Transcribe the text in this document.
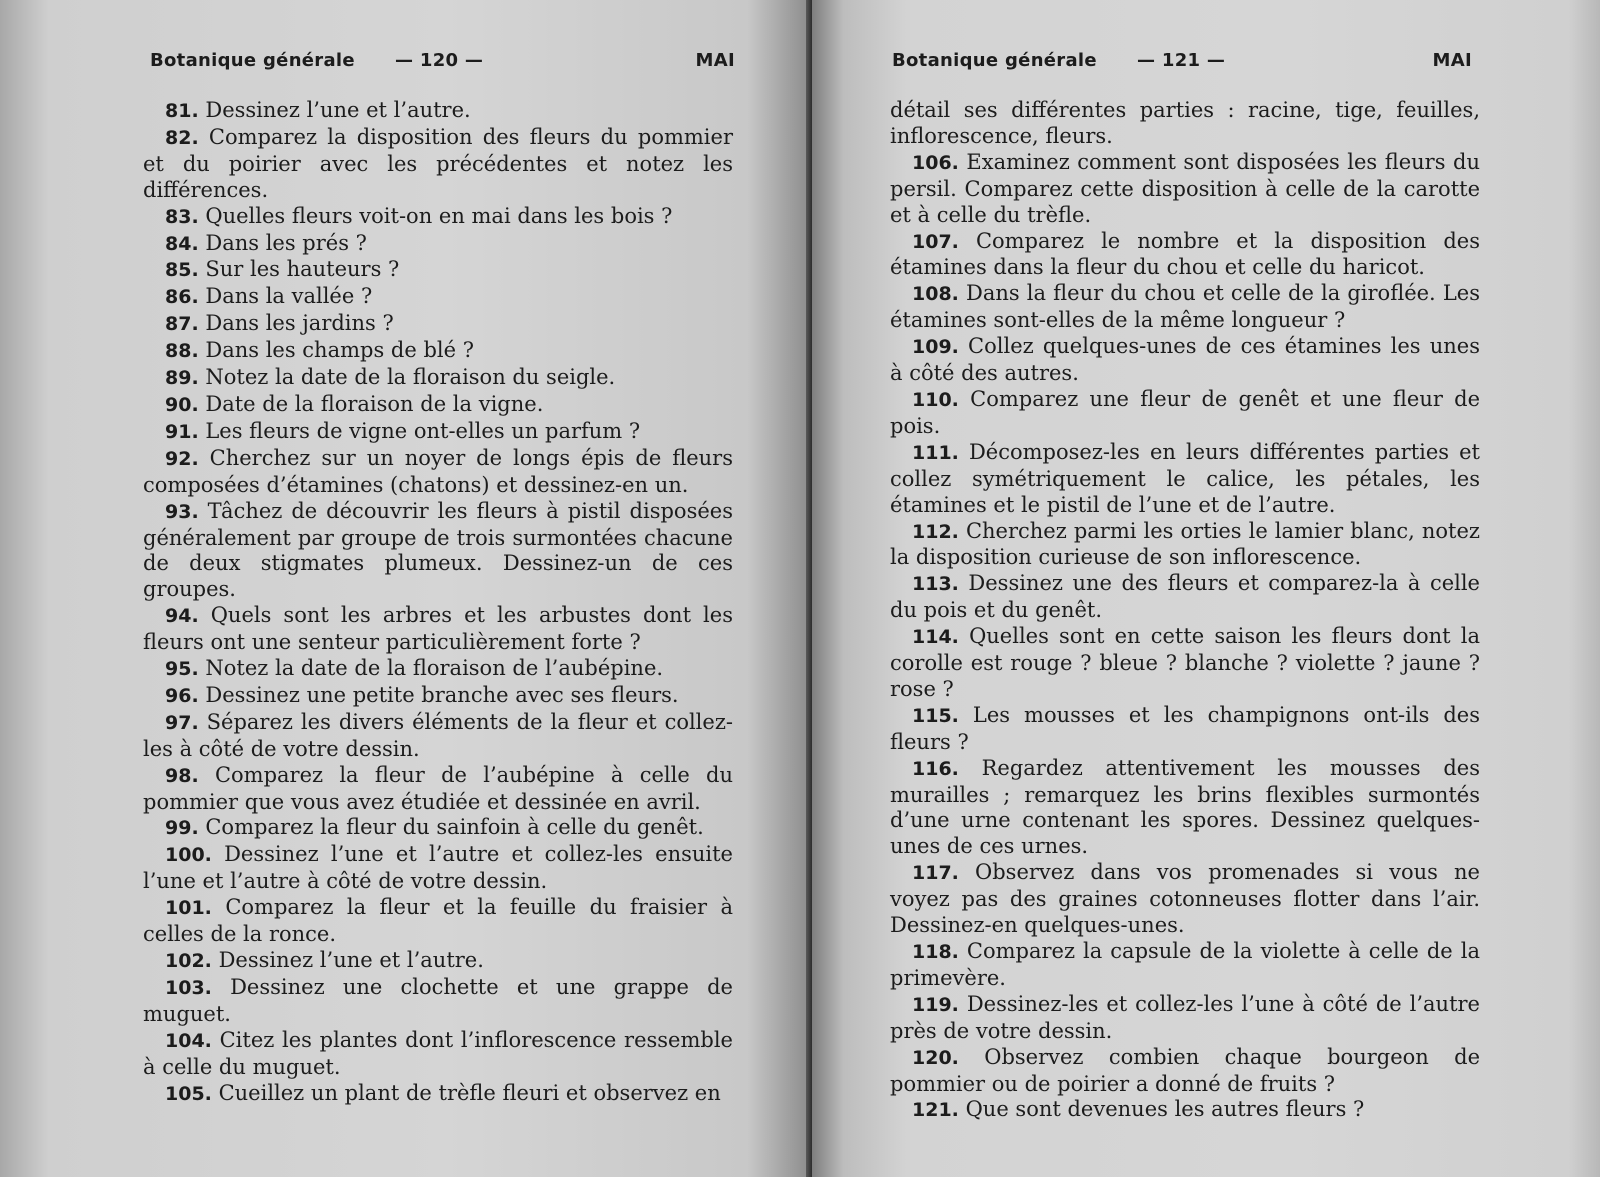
Botanique générale — 120 —	MAI

81. Dessinez l’une et l’autre.

82. Comparez la disposition des fleurs du pommier et du poirier avec les précédentes et notez les différences.

83. Quelles fleurs voit-on en mai dans les bois ?

84. Dans les prés ?

85. Sur les hauteurs ?

86. Dans la vallée ?

87. Dans les jardins ?

88. Dans les champs de blé ?

89. Notez la date de la floraison du seigle.

90. Date de la floraison de la vigne.

91. Les fleurs de vigne ont-elles un parfum ?

92. Cherchez sur un noyer de longs épis de fleurs composées d’étamines (chatons) et dessinez-en un.

93. Tâchez de découvrir les fleurs à pistil disposées généralement par groupe de trois surmontées chacune de deux stigmates plumeux. Dessinez-un de ces groupes.

94. Quels sont les arbres et les arbustes dont les fleurs ont une senteur particulièrement forte ?

95. Notez la date de la floraison de l’aubépine.

96. Dessinez une petite branche avec ses fleurs.

97. Séparez les divers éléments de la fleur et collez-les à côté de votre dessin.

98. Comparez la fleur de l’aubépine à celle du pommier que vous avez étudiée et dessinée en avril.

99. Comparez la fleur du sainfoin à celle du genêt.

100. Dessinez l’une et l’autre et collez-les ensuite l’une et l’autre à côté de votre dessin.

101. Comparez la fleur et la feuille du fraisier à celles de la ronce.

102. Dessinez l’une et l’autre.

103. Dessinez une clochette et une grappe de muguet.

104. Citez les plantes dont l’inflorescence ressemble à celle du muguet.

105. Cueillez un plant de trèfle fleuri et observez en

Botanique générale — 121 —	MAI

détail ses différentes parties : racine, tige, feuilles, inflorescence, fleurs.

106. Examinez comment sont disposées les fleurs du persil. Comparez cette disposition à celle de la carotte et à celle du trèfle.

107. Comparez le nombre et la disposition des étamines dans la fleur du chou et celle du haricot.

108. Dans la fleur du chou et celle de la giroflée. Les étamines sont-elles de la même longueur ?

109. Collez quelques-unes de ces étamines les unes à côté des autres.

110. Comparez une fleur de genêt et une fleur de pois.

111. Décomposez-les en leurs différentes parties et collez symétriquement le calice, les pétales, les étamines et le pistil de l’une et de l’autre.

112. Cherchez parmi les orties le lamier blanc, notez la disposition curieuse de son inflorescence.

113. Dessinez une des fleurs et comparez-la à celle du pois et du genêt.

114. Quelles sont en cette saison les fleurs dont la corolle est rouge ? bleue ? blanche ? violette ? jaune ? rose ?

115. Les mousses et les champignons ont-ils des fleurs ?

116. Regardez attentivement les mousses des murailles ; remarquez les brins flexibles surmontés d’une urne contenant les spores. Dessinez quelques-unes de ces urnes.

117. Observez dans vos promenades si vous ne voyez pas des graines cotonneuses flotter dans l’air. Dessinez-en quelques-unes.

118. Comparez la capsule de la violette à celle de la primevère.

119. Dessinez-les et collez-les l’une à côté de l’autre près de votre dessin.

120. Observez combien chaque bourgeon de pommier ou de poirier a donné de fruits ?

121. Que sont devenues les autres fleurs ?
